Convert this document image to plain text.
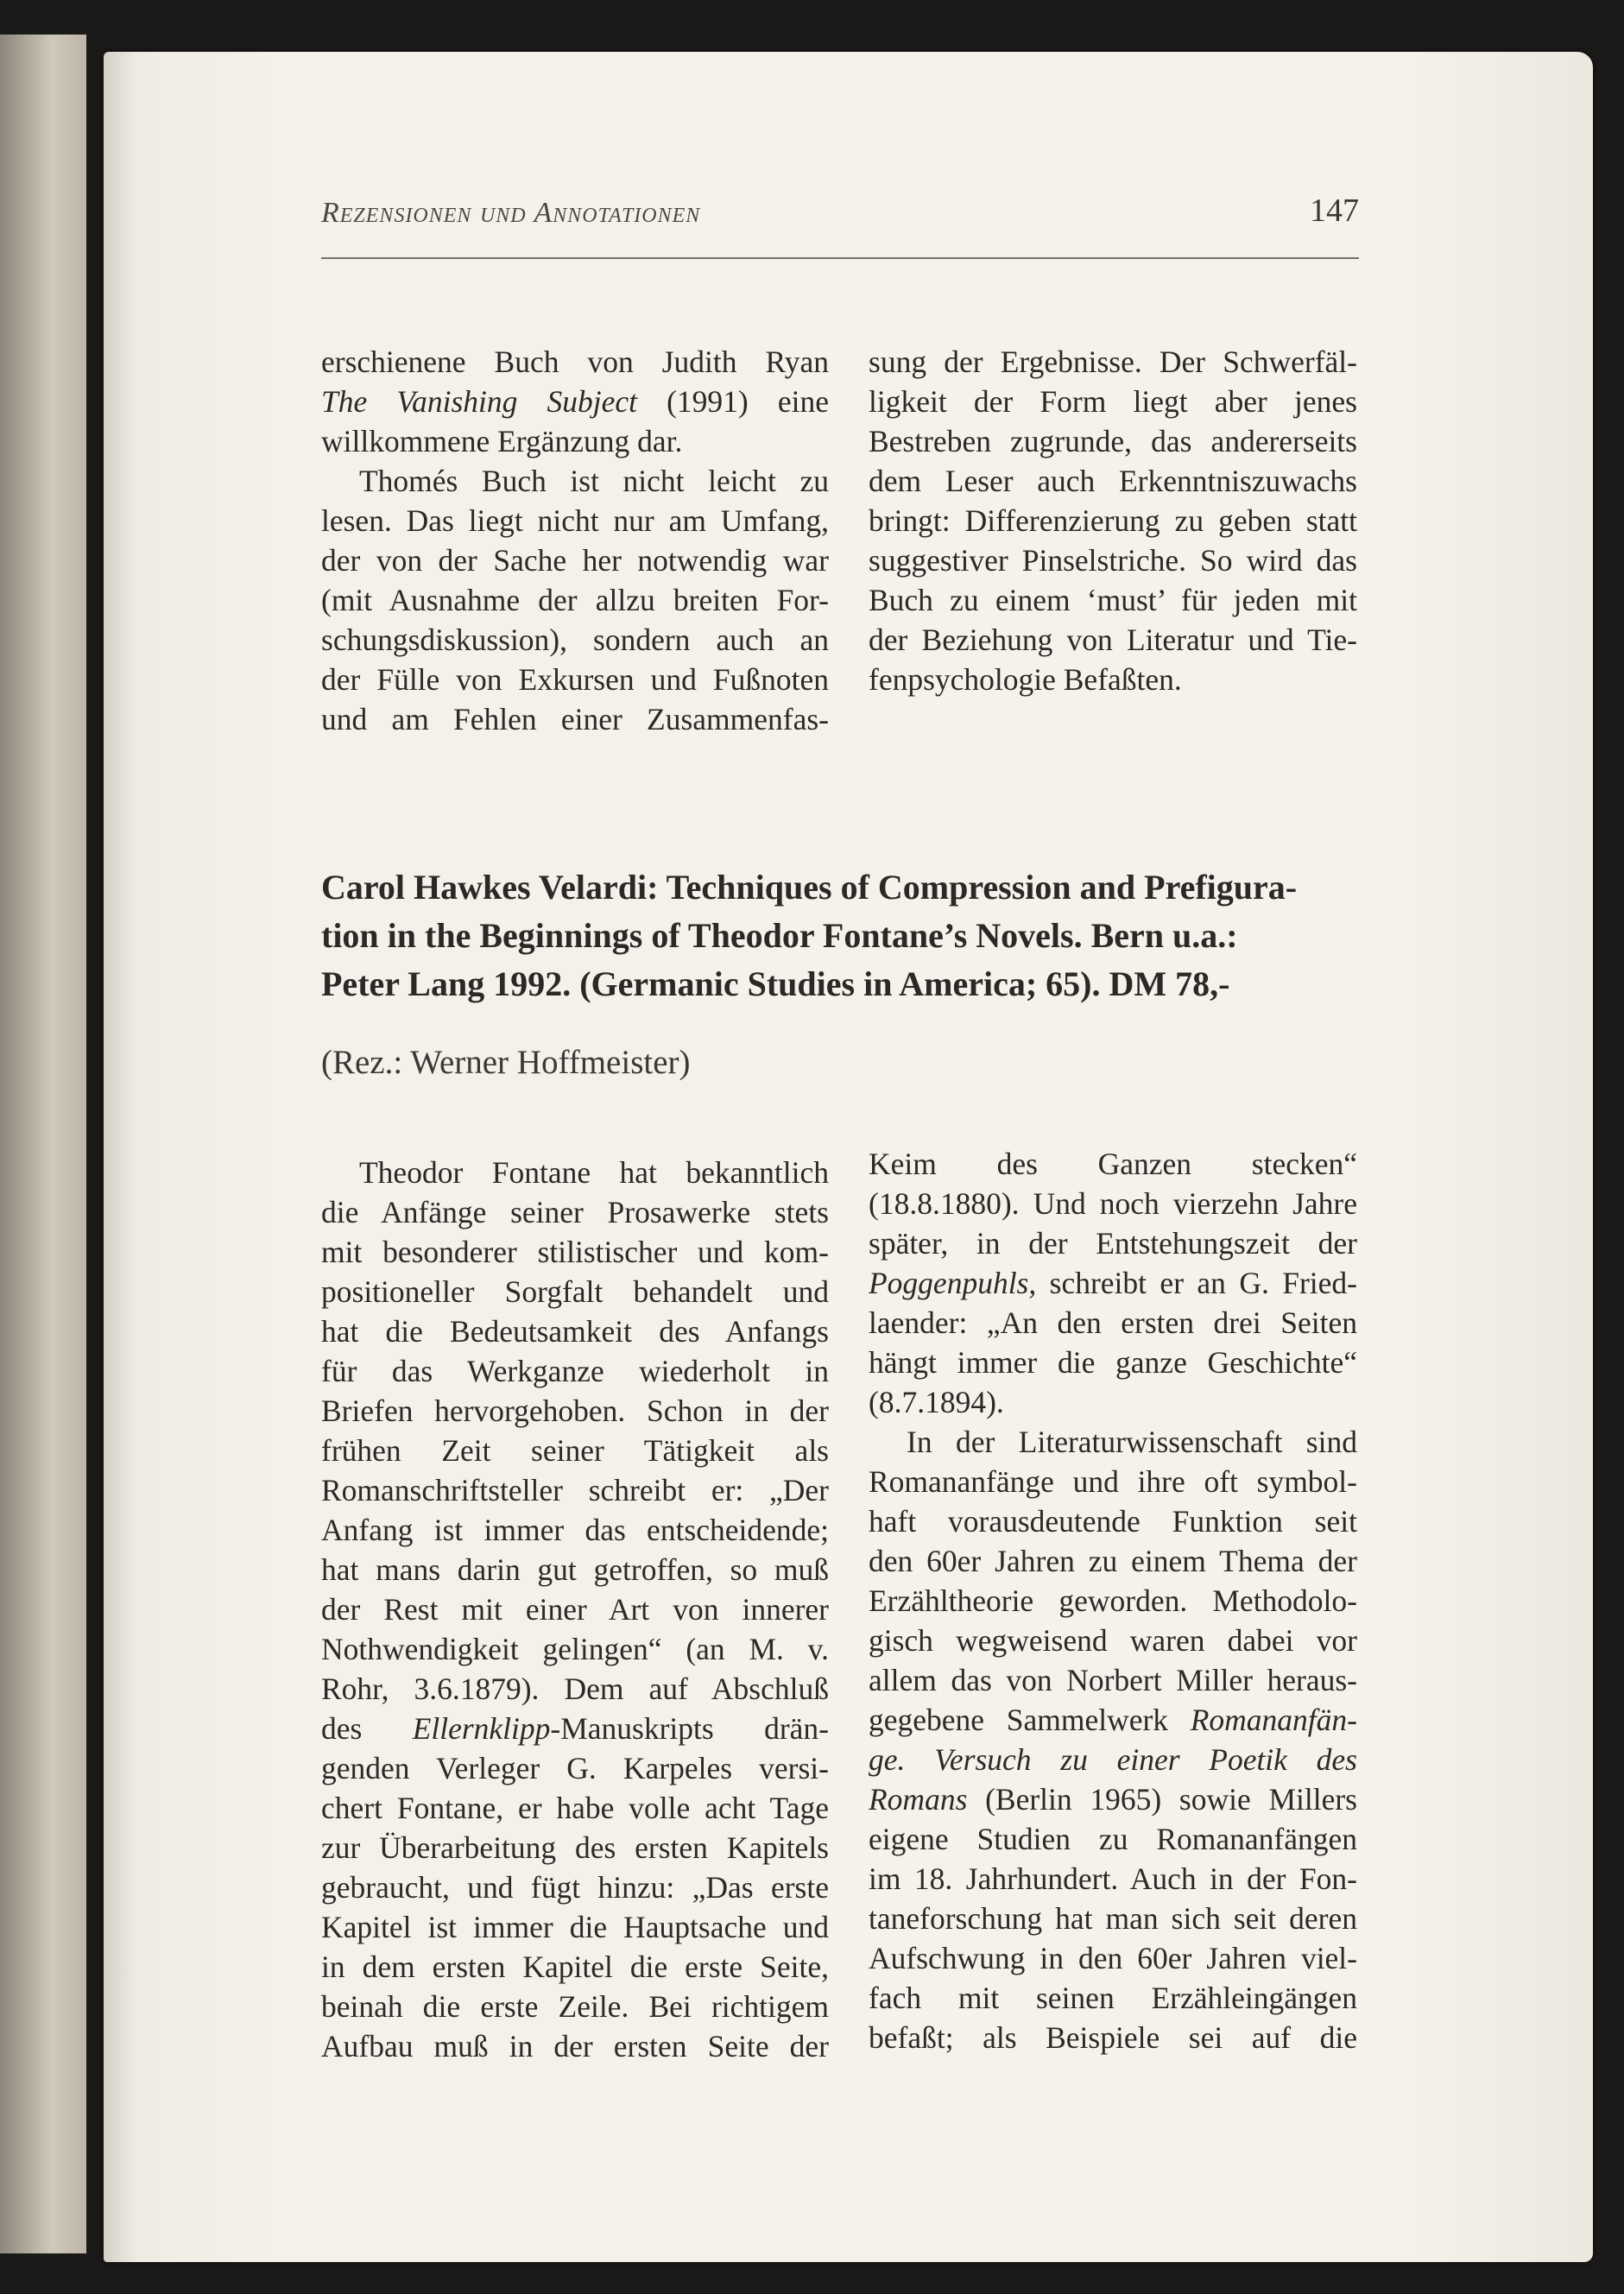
Rezensionen und Annotationen	147
erschienene Buch von Judith Ryan
The Vanishing Subject (1991) eine
willkommene Ergänzung dar.
Thomés Buch ist nicht leicht zu
lesen. Das liegt nicht nur am Umfang,
der von der Sache her notwendig war
(mit Ausnahme der allzu breiten For-
schungsdiskussion), sondern auch an
der Fülle von Exkursen und Fußnoten
und am Fehlen einer Zusammenfas-
sung der Ergebnisse. Der Schwerfäl-
ligkeit der Form liegt aber jenes
Bestreben zugrunde, das andererseits
dem Leser auch Erkenntniszuwachs
bringt: Differenzierung zu geben statt
suggestiver Pinselstriche. So wird das
Buch zu einem ‘must’ für jeden mit
der Beziehung von Literatur und Tie-
fenpsychologie Befaßten.
Carol Hawkes Velardi: Techniques of Compression and Prefigura-
tion in the Beginnings of Theodor Fontane’s Novels. Bern u.a.:
Peter Lang 1992. (Germanic Studies in America; 65). DM 78,-
(Rez.: Werner Hoffmeister)
Theodor Fontane hat bekanntlich
die Anfänge seiner Prosawerke stets
mit besonderer stilistischer und kom-
positioneller Sorgfalt behandelt und
hat die Bedeutsamkeit des Anfangs
für das Werkganze wiederholt in
Briefen hervorgehoben. Schon in der
frühen Zeit seiner Tätigkeit als
Romanschriftsteller schreibt er: „Der
Anfang ist immer das entscheidende;
hat mans darin gut getroffen, so muß
der Rest mit einer Art von innerer
Nothwendigkeit gelingen“ (an M. v.
Rohr, 3.6.1879). Dem auf Abschluß
des Ellernklipp-Manuskripts drän-
genden Verleger G. Karpeles versi-
chert Fontane, er habe volle acht Tage
zur Überarbeitung des ersten Kapitels
gebraucht, und fügt hinzu: „Das erste
Kapitel ist immer die Hauptsache und
in dem ersten Kapitel die erste Seite,
beinah die erste Zeile. Bei richtigem
Aufbau muß in der ersten Seite der
Keim des Ganzen stecken“
(18.8.1880). Und noch vierzehn Jahre
später, in der Entstehungszeit der
Poggenpuhls, schreibt er an G. Fried-
laender: „An den ersten drei Seiten
hängt immer die ganze Geschichte“
(8.7.1894).
In der Literaturwissenschaft sind
Romananfänge und ihre oft symbol-
haft vorausdeutende Funktion seit
den 60er Jahren zu einem Thema der
Erzähltheorie geworden. Methodolo-
gisch wegweisend waren dabei vor
allem das von Norbert Miller heraus-
gegebene Sammelwerk Romananfän-
ge. Versuch zu einer Poetik des
Romans (Berlin 1965) sowie Millers
eigene Studien zu Romananfängen
im 18. Jahrhundert. Auch in der Fon-
taneforschung hat man sich seit deren
Aufschwung in den 60er Jahren viel-
fach mit seinen Erzähleingängen
befaßt; als Beispiele sei auf die
